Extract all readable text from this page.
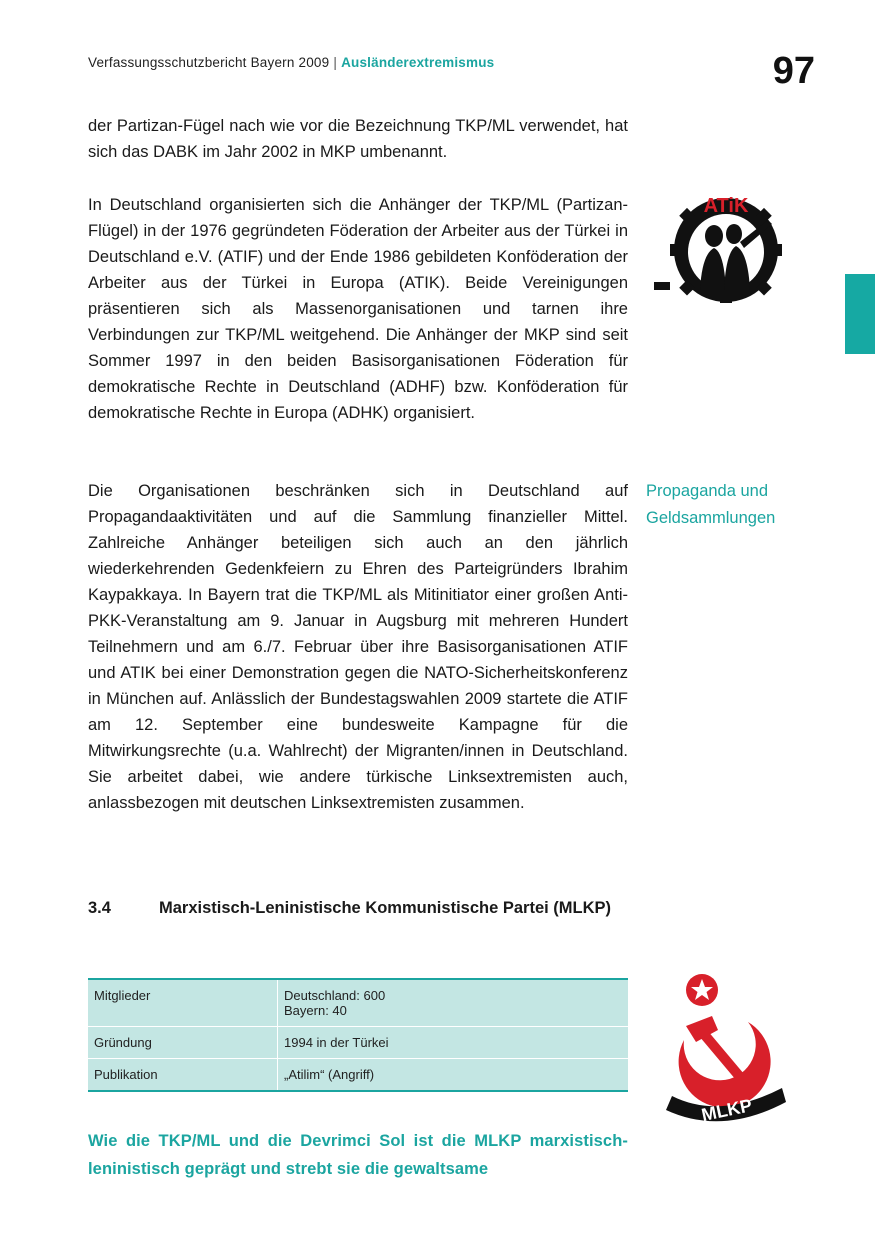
Verfassungsschutzbericht Bayern 2009 | Ausländerextremismus	97
der Partizan-Fügel nach wie vor die Bezeichnung TKP/ML verwendet, hat sich das DABK im Jahr 2002 in MKP umbenannt.
In Deutschland organisierten sich die Anhänger der TKP/ML (Partizan-Flügel) in der 1976 gegründeten Föderation der Arbeiter aus der Türkei in Deutschland e.V. (ATIF) und der Ende 1986 gebildeten Konföderation der Arbeiter aus der Türkei in Europa (ATIK). Beide Vereinigungen präsentieren sich als Massenorganisationen und tarnen ihre Verbindungen zur TKP/ML weitgehend. Die Anhänger der MKP sind seit Sommer 1997 in den beiden Basisorganisationen Föderation für demokratische Rechte in Deutschland (ADHF) bzw. Konföderation für demokratische Rechte in Europa (ADHK) organisiert.
Die Organisationen beschränken sich in Deutschland auf Propagandaaktivitäten und auf die Sammlung finanzieller Mittel. Zahlreiche Anhänger beteiligen sich auch an den jährlich wiederkehrenden Gedenkfeiern zu Ehren des Parteigründers Ibrahim Kaypakkaya. In Bayern trat die TKP/ML als Mitinitiator einer großen Anti-PKK-Veranstaltung am 9. Januar in Augsburg mit mehreren Hundert Teilnehmern und am 6./7. Februar über ihre Basisorganisationen ATIF und ATIK bei einer Demonstration gegen die NATO-Sicherheitskonferenz in München auf. Anlässlich der Bundestagswahlen 2009 startete die ATIF am 12. September eine bundesweite Kampagne für die Mitwirkungsrechte (u.a. Wahlrecht) der Migranten/innen in Deutschland. Sie arbeitet dabei, wie andere türkische Linksextremisten auch, anlassbezogen mit deutschen Linksextremisten zusammen.
Propaganda und
Geldsammlungen
ATiK
3.4	Marxistisch-Leninistische Kommunistische Partei (MLKP)
Mitglieder	Deutschland: 600
Bayern: 40

Gründung	1994 in der Türkei

Publikation	„Atilim“ (Angriff)
MLKP
Wie die TKP/ML und die Devrimci Sol ist die MLKP marxistisch-leninistisch geprägt und strebt sie die gewaltsame
